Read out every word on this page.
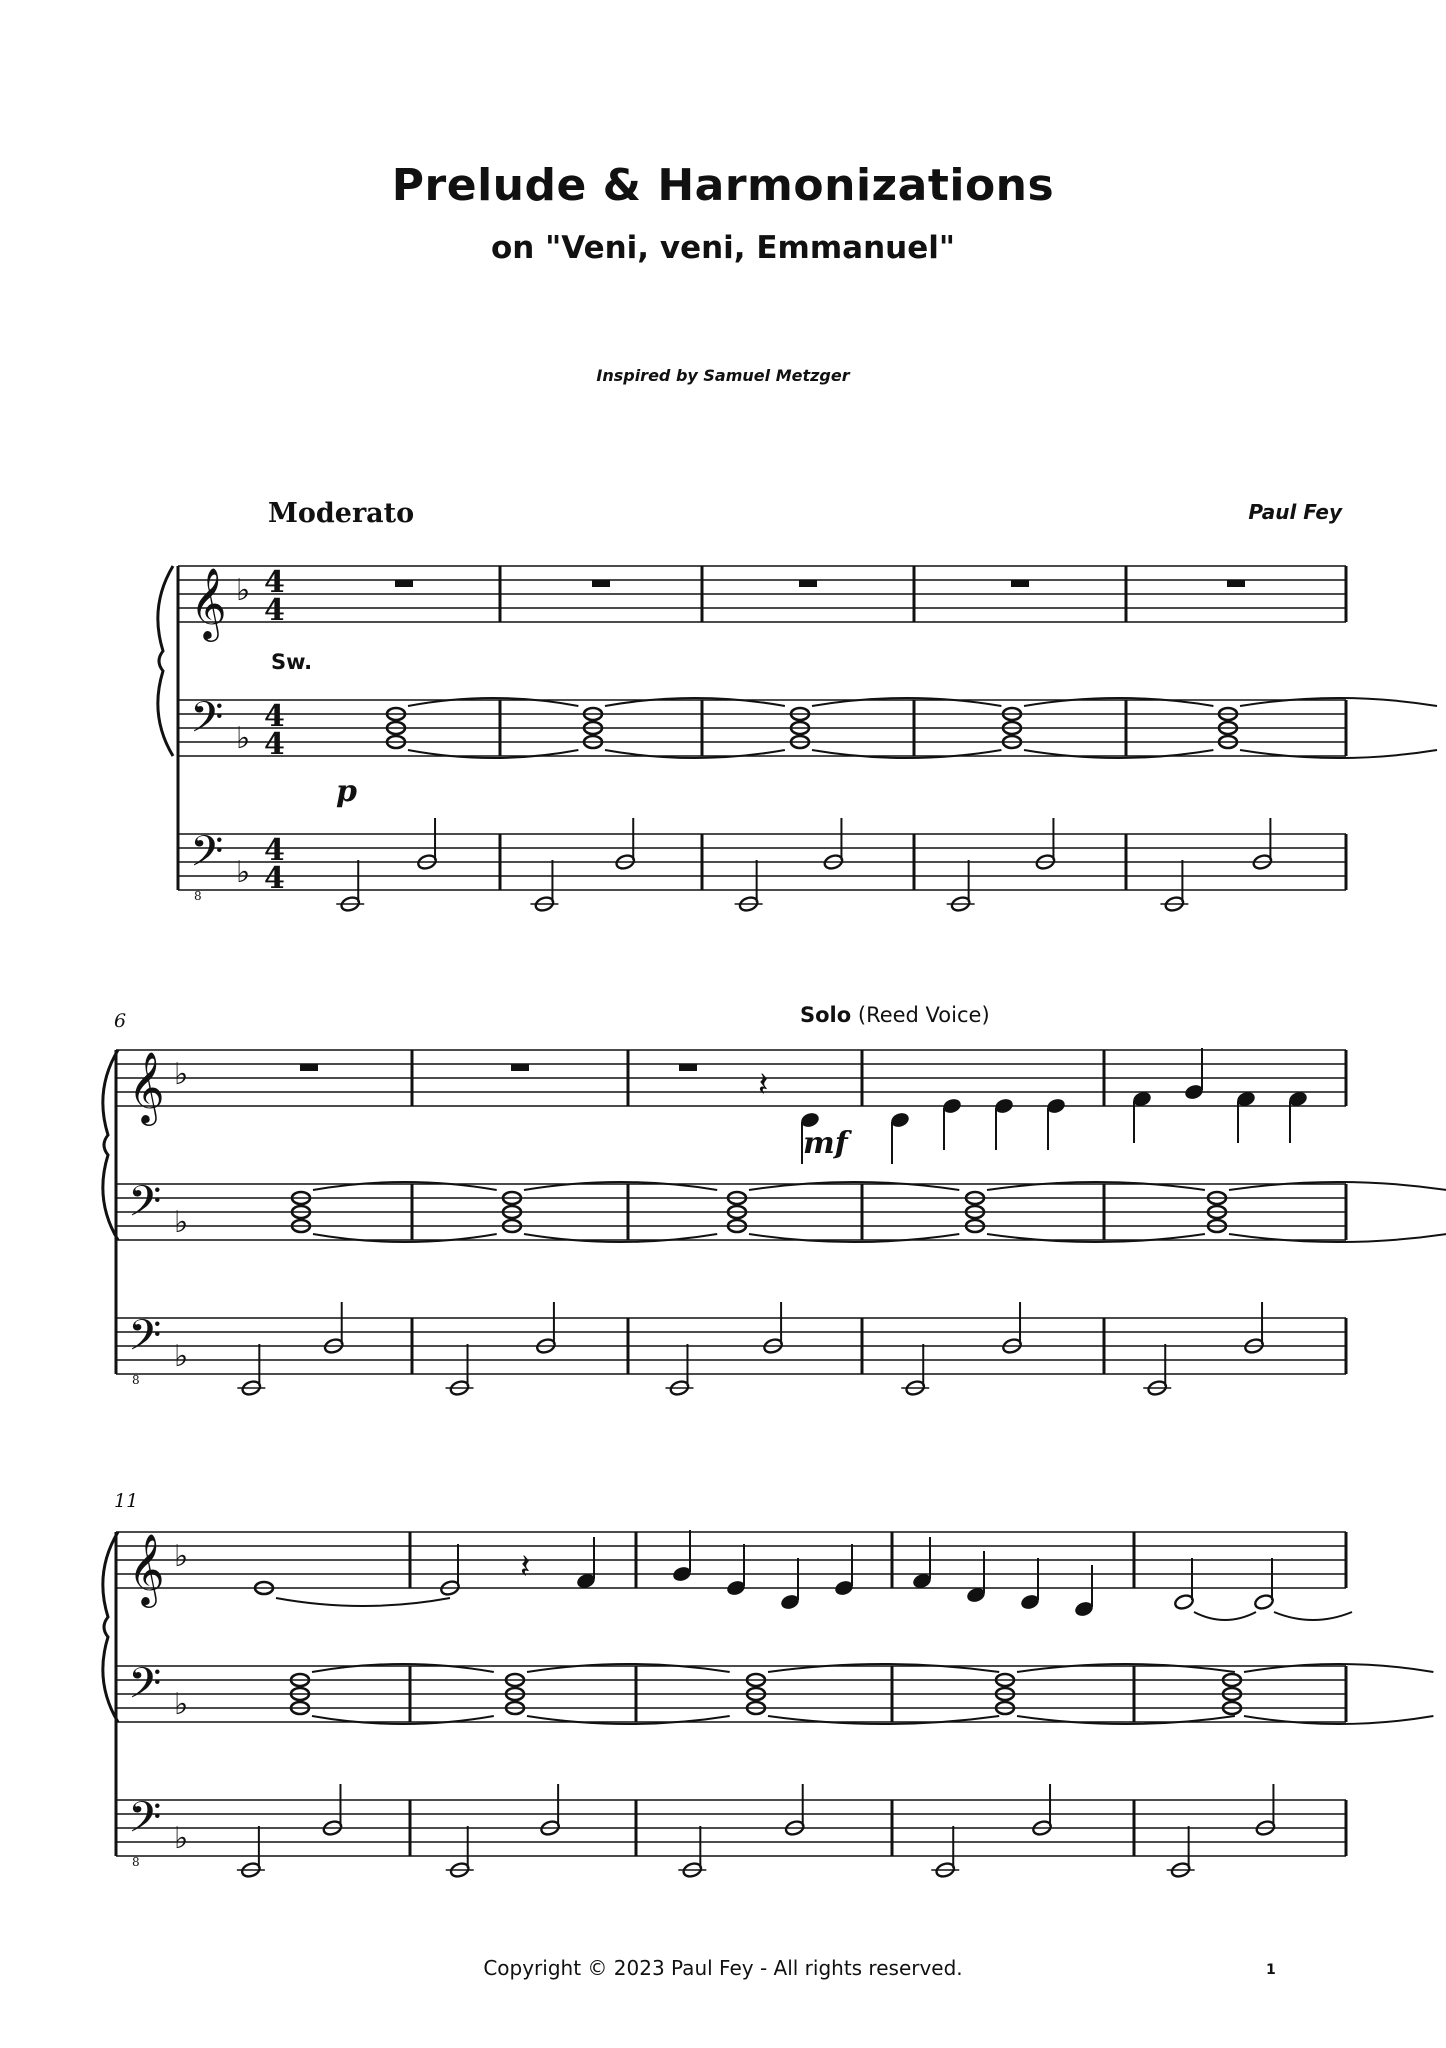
Prelude & Harmonizations
on "Veni, veni, Emmanuel"
Inspired by Samuel Metzger
Moderato	Paul Fey
Sw.
p
Solo (Reed Voice)
mf
6
11
𝄞
𝄢
𝄢
8
♭
♭
♭
4
4
4
4
4
4
𝄞
𝄢
𝄢
8
♭
♭
♭
𝄽
𝄞
𝄢
𝄢
8
♭
♭
♭
𝄽
Copyright © 2023 Paul Fey - All rights reserved.	1
